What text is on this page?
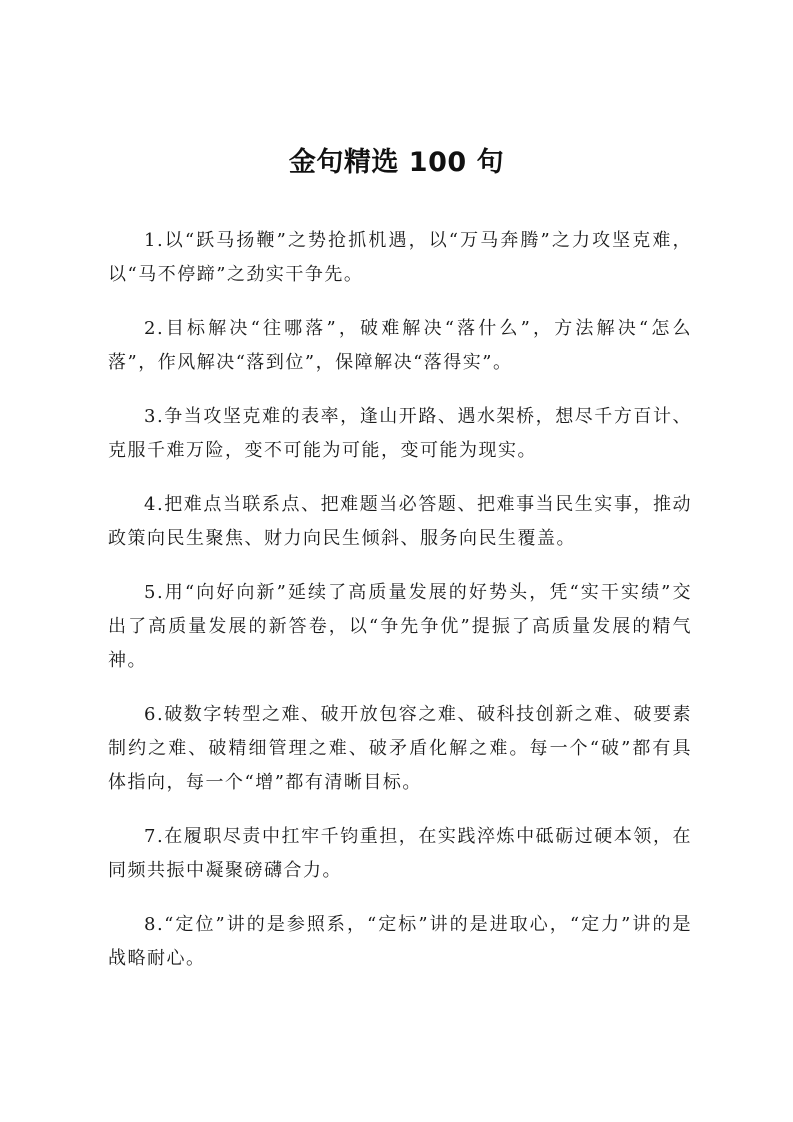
金句精选 100 句

1.以“跃马扬鞭”之势抢抓机遇，以“万马奔腾”之力攻坚克难，以“马不停蹄”之劲实干争先。

2.目标解决“往哪落”，破难解决“落什么”，方法解决“怎么落”，作风解决“落到位”，保障解决“落得实”。

3.争当攻坚克难的表率，逢山开路、遇水架桥，想尽千方百计、克服千难万险，变不可能为可能，变可能为现实。

4.把难点当联系点、把难题当必答题、把难事当民生实事，推动政策向民生聚焦、财力向民生倾斜、服务向民生覆盖。

5.用“向好向新”延续了高质量发展的好势头，凭“实干实绩”交出了高质量发展的新答卷，以“争先争优”提振了高质量发展的精气神。

6.破数字转型之难、破开放包容之难、破科技创新之难、破要素制约之难、破精细管理之难、破矛盾化解之难。每一个“破”都有具体指向，每一个“增”都有清晰目标。

7.在履职尽责中扛牢千钧重担，在实践淬炼中砥砺过硬本领，在同频共振中凝聚磅礴合力。

8.“定位”讲的是参照系，“定标”讲的是进取心，“定力”讲的是战略耐心。
